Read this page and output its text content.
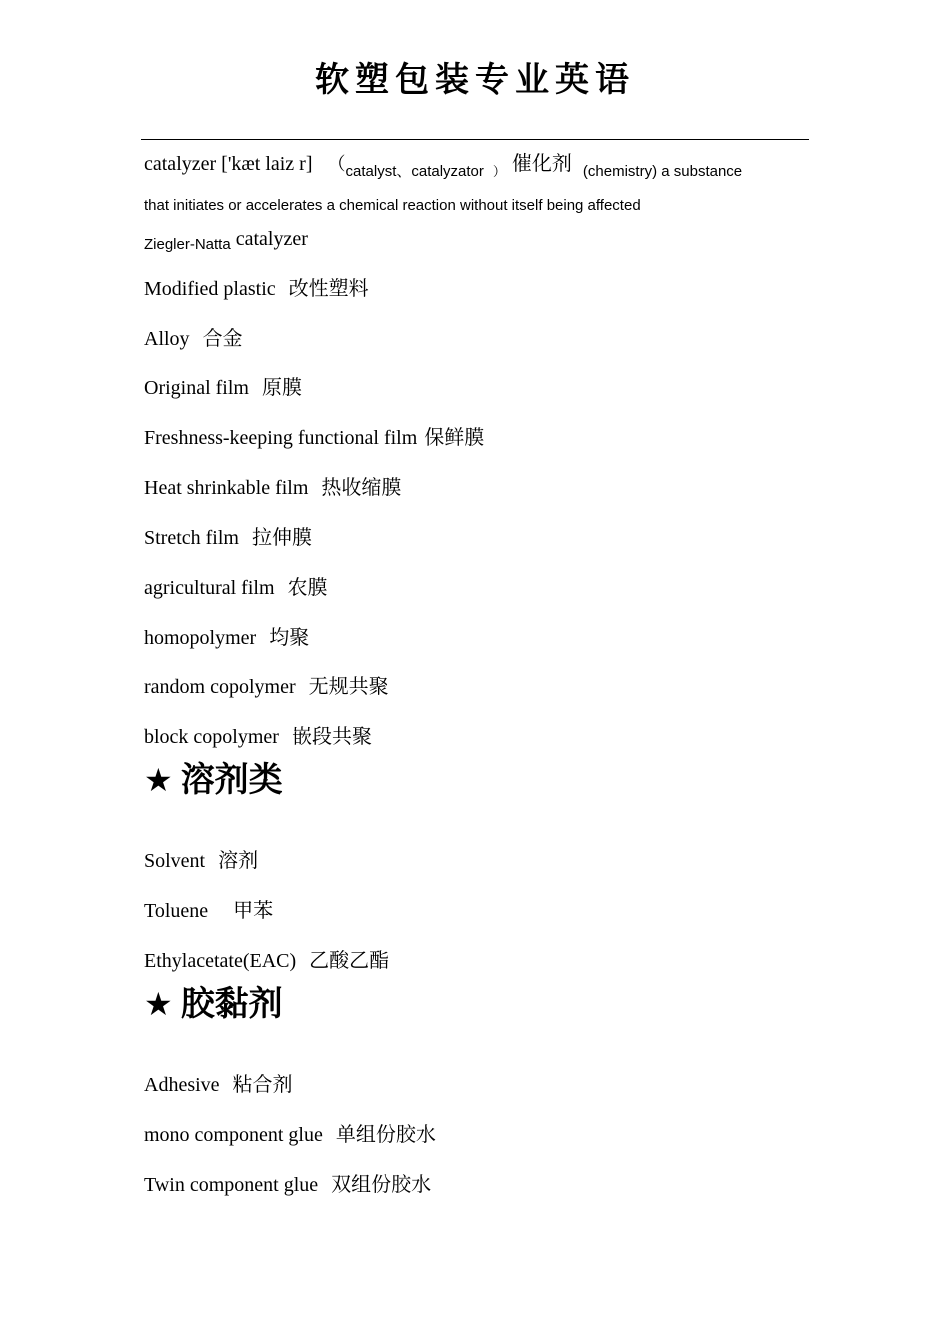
软塑包装专业英语
catalyzer ['kæt laiz r] （$_{catalyst、catalyzator}$ $_)$ 催化剂 $_{(chemistry) a substance}$
that initiates or accelerates a chemical reaction without itself being affected
$_{Ziegler-Natta}$ catalyzer
Modified plastic 改性塑料
Alloy 合金
Original film 原膜
Freshness-keeping functional film 保鲜膜
Heat shrinkable film 热收缩膜
Stretch film 拉伸膜
agricultural film 农膜
homopolymer 均聚
random copolymer 无规共聚
block copolymer 嵌段共聚
★ 溶剂类
Solvent 溶剂
Toluene 甲苯
Ethylacetate(EAC) 乙酸乙酯
★ 胶黏剂
Adhesive 粘合剂
mono component glue 单组份胶水
Twin component glue 双组份胶水
